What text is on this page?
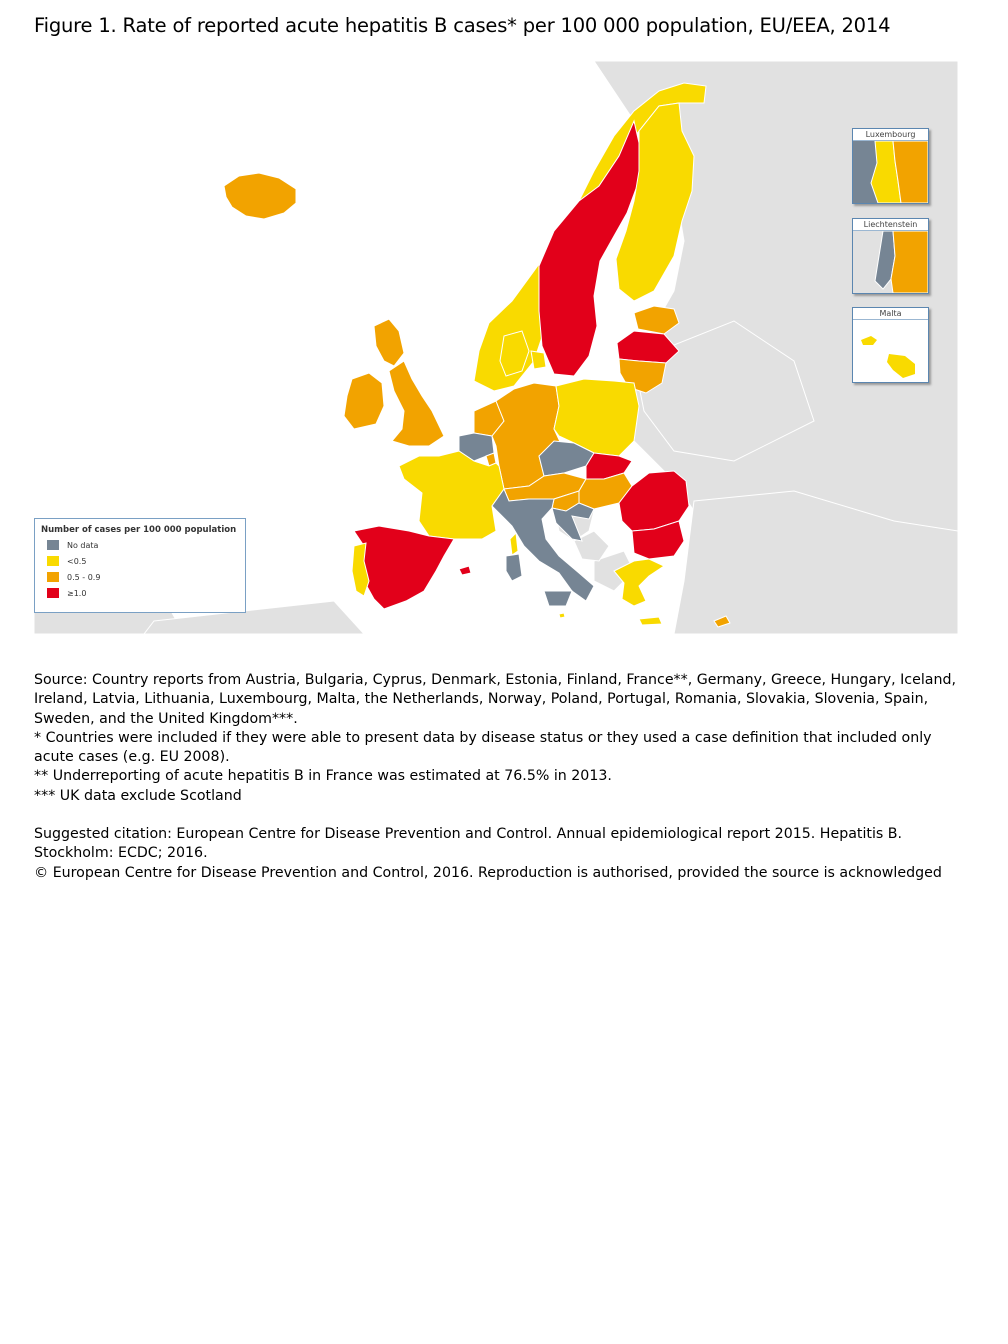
Figure 1. Rate of reported acute hepatitis B cases* per 100 000 population, EU/EEA, 2014
Luxembourg
Liechtenstein
Malta
Number of cases per 100 000 population
No data
<0.5
0.5 - 0.9
≥1.0

Source: Country reports from Austria, Bulgaria, Cyprus, Denmark, Estonia, Finland, France**, Germany, Greece, Hungary, Iceland, Ireland, Latvia, Lithuania, Luxembourg, Malta, the Netherlands, Norway, Poland, Portugal, Romania, Slovakia, Slovenia, Spain, Sweden, and the United Kingdom***.

* Countries were included if they were able to present data by disease status or they used a case definition that included only acute cases (e.g. EU 2008).

** Underreporting of acute hepatitis B in France was estimated at 76.5% in 2013.

*** UK data exclude Scotland

Suggested citation: European Centre for Disease Prevention and Control. Annual epidemiological report 2015. Hepatitis B. Stockholm: ECDC; 2016.

© European Centre for Disease Prevention and Control, 2016. Reproduction is authorised, provided the source is acknowledged
